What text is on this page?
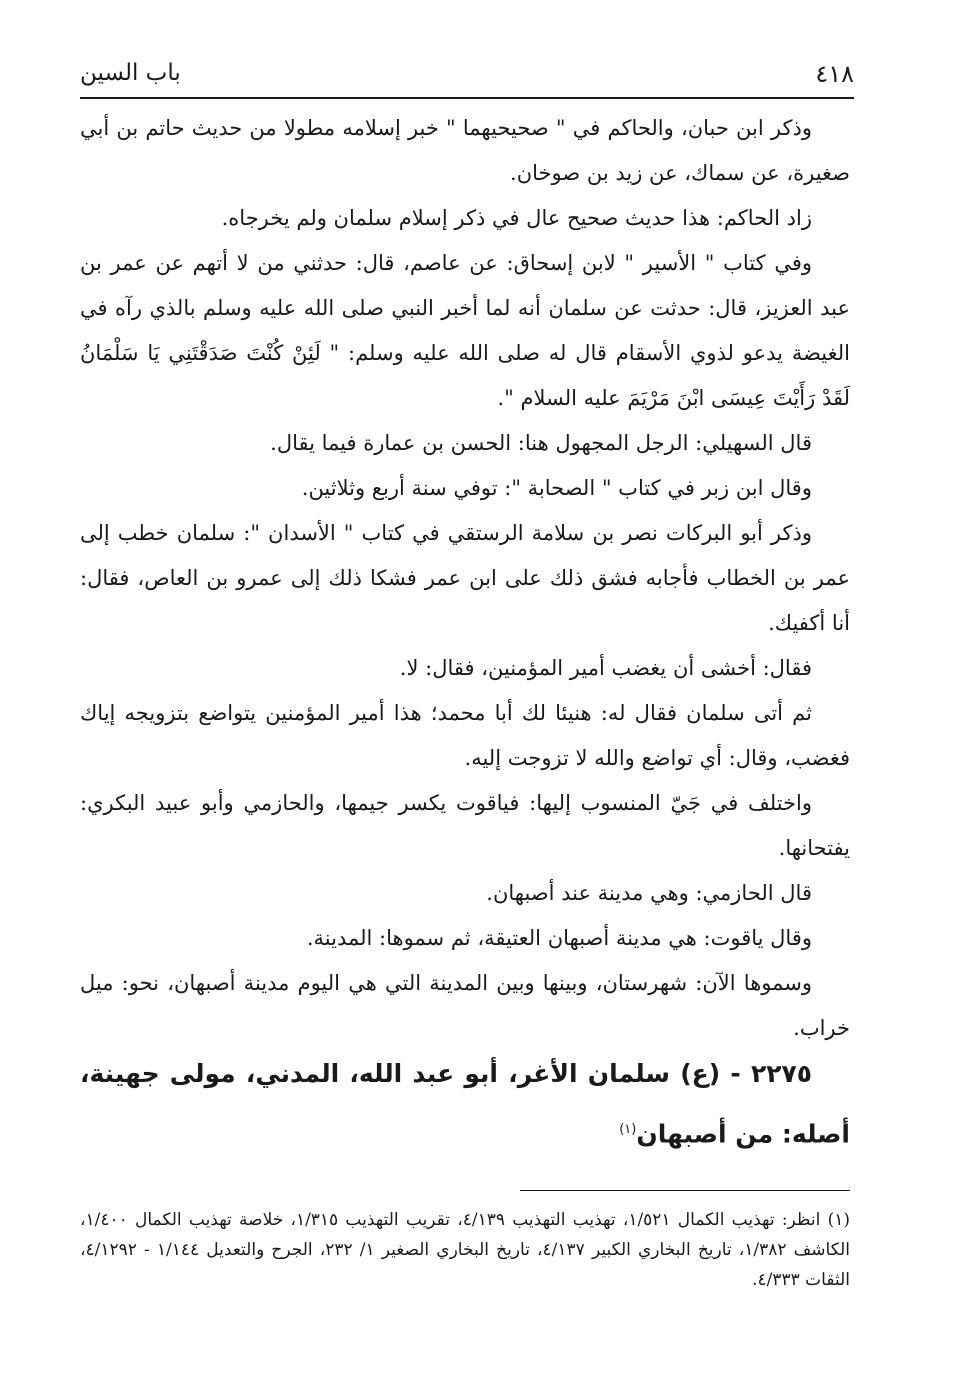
٤١٨
باب السين

وذكر ابن حبان، والحاكم في " صحيحيهما " خبر إسلامه مطولا من حديث حاتم بن أبي صغيرة، عن سماك، عن زيد بن صوخان.

زاد الحاكم: هذا حديث صحيح عال في ذكر إسلام سلمان ولم يخرجاه.

وفي كتاب " الأسير " لابن إسحاق: عن عاصم، قال: حدثني من لا أتهم عن عمر بن عبد العزيز، قال: حدثت عن سلمان أنه لما أخبر النبي صلى الله عليه وسلم بالذي رآه في الغيضة يدعو لذوي الأسقام قال له صلى الله عليه وسلم: " لَئِنْ كُنْتَ صَدَقْتَنِي يَا سَلْمَانُ لَقَدْ رَأَيْتَ عِيسَى ابْنَ مَرْيَمَ عليه السلام ".

قال السهيلي: الرجل المجهول هنا: الحسن بن عمارة فيما يقال.

وقال ابن زبر في كتاب " الصحابة ": توفي سنة أربع وثلاثين.

وذكر أبو البركات نصر بن سلامة الرستقي في كتاب " الأسدان ": سلمان خطب إلى عمر بن الخطاب فأجابه فشق ذلك على ابن عمر فشكا ذلك إلى عمرو بن العاص، فقال: أنا أكفيك.

فقال: أخشى أن يغضب أمير المؤمنين، فقال: لا.

ثم أتى سلمان فقال له: هنيئا لك أبا محمد؛ هذا أمير المؤمنين يتواضع بتزويجه إياك فغضب، وقال: أي تواضع والله لا تزوجت إليه.

واختلف في جَيّ المنسوب إليها: فياقوت يكسر جيمها، والحازمي وأبو عبيد البكري: يفتحانها.

قال الحازمي: وهي مدينة عند أصبهان.

وقال ياقوت: هي مدينة أصبهان العتيقة، ثم سموها: المدينة.

وسموها الآن: شهرستان، وبينها وبين المدينة التي هي اليوم مدينة أصبهان، نحو: ميل خراب.

٢٢٧٥ - (ع) سلمان الأغر، أبو عبد الله، المدني، مولى جهينة، أصله: من أصبهان$^{(١)}$

(١) انظر: تهذيب الكمال ١/٥٢١، تهذيب التهذيب ٤/١٣٩، تقريب التهذيب ١/٣١٥، خلاصة تهذيب الكمال ١/٤٠٠، الكاشف ١/٣٨٢، تاريخ البخاري الكبير ٤/١٣٧، تاريخ البخاري الصغير ١/ ٢٣٢، الجرح والتعديل ١/١٤٤ - ٤/١٢٩٢، الثقات ٤/٣٣٣.
